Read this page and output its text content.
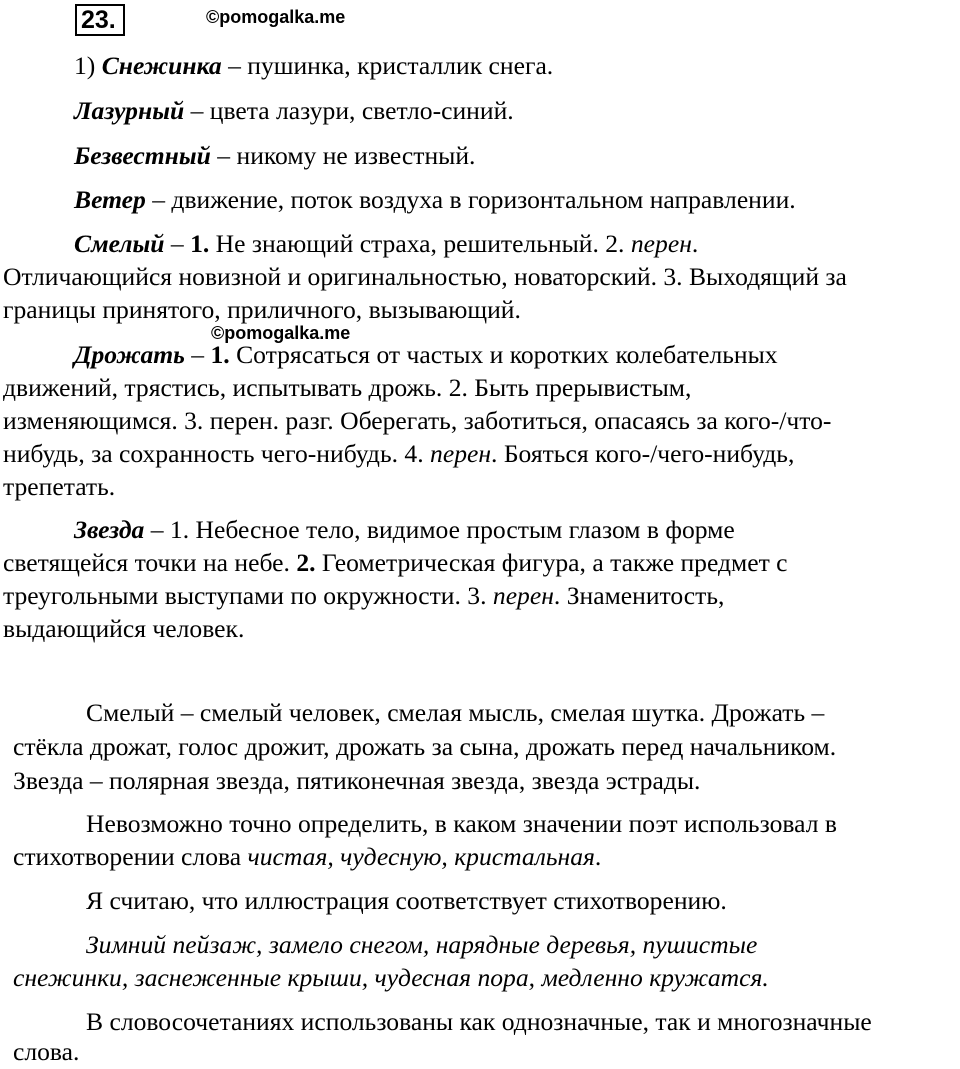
23.	©pomogalka.me
1) Снежинка – пушинка, кристаллик снега.
Лазурный – цвета лазури, светло-синий.
Безвестный – никому не известный.
Ветер – движение, поток воздуха в горизонтальном направлении.
Смелый – 1. Не знающий страха, решительный. 2. перен.
Отличающийся новизной и оригинальностью, новаторский. 3. Выходящий за
границы принятого, приличного, вызывающий.
©pomogalka.me
Дрожать – 1. Сотрясаться от частых и коротких колебательных
движений, трястись, испытывать дрожь. 2. Быть прерывистым,
изменяющимся. 3. перен. разг. Оберегать, заботиться, опасаясь за кого-/что-
нибудь, за сохранность чего-нибудь. 4. перен. Бояться кого-/чего-нибудь,
трепетать.
Звезда – 1. Небесное тело, видимое простым глазом в форме
светящейся точки на небе. 2. Геометрическая фигура, а также предмет с
треугольными выступами по окружности. 3. перен. Знаменитость,
выдающийся человек.
Смелый – смелый человек, смелая мысль, смелая шутка. Дрожать –
стёкла дрожат, голос дрожит, дрожать за сына, дрожать перед начальником.
Звезда – полярная звезда, пятиконечная звезда, звезда эстрады.
Невозможно точно определить, в каком значении поэт использовал в
стихотворении слова чистая, чудесную, кристальная.
Я считаю, что иллюстрация соответствует стихотворению.
Зимний пейзаж, замело снегом, нарядные деревья, пушистые
снежинки, заснеженные крыши, чудесная пора, медленно кружатся.
В словосочетаниях использованы как однозначные, так и многозначные
слова.
